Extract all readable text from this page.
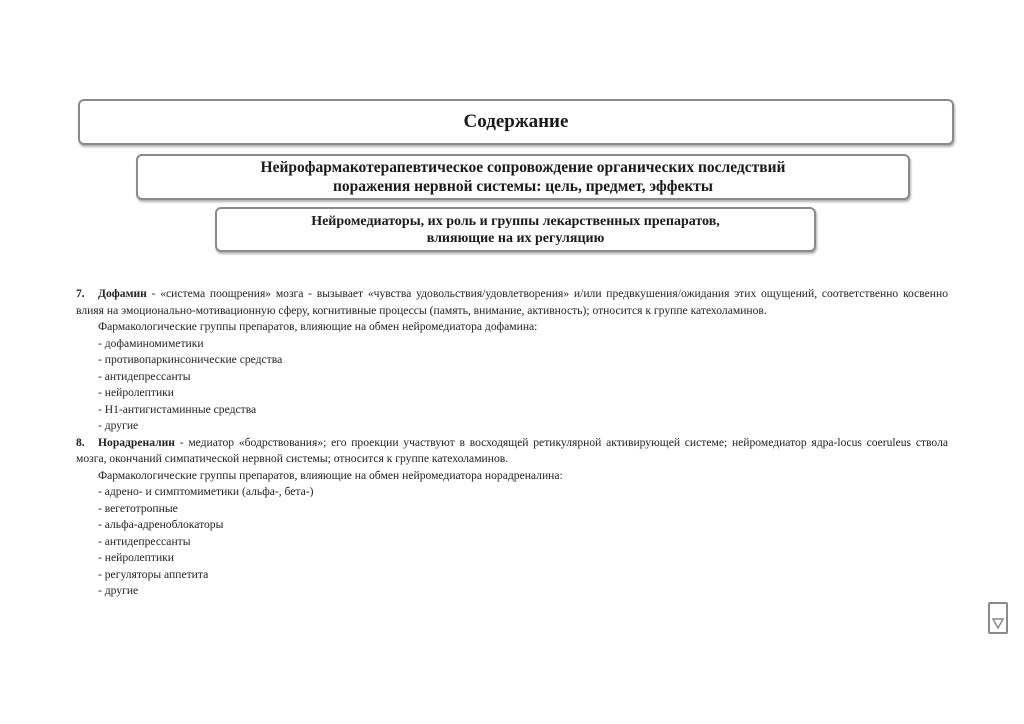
Содержание
Нейрофармакотерапевтическое сопровождение органических последствий
поражения нервной системы: цель, предмет, эффекты
Нейромедиаторы, их роль и группы лекарственных препаратов,
влияющие на их регуляцию

7. Дофамин - «система поощрения» мозга - вызывает «чувства удовольствия/удовлетворения» и/или предвкушения/ожидания этих ощущений, соответственно косвенно влияя на эмоционально-мотивационную сферу, когнитивные процессы (память, внимание, активность); относится к группе катехоламинов.

Фармакологические группы препаратов, влияющие на обмен нейромедиатора дофамина:

- дофаминомиметики

- противопаркинсонические средства

- антидепрессанты

- нейролептики

- Н1-антигистаминные средства

- другие

8. Норадреналин - медиатор «бодрствования»; его проекции участвуют в восходящей ретикулярной активирующей системе; нейромедиатор ядра-locus coeruleus ствола мозга, окончаний симпатической нервной системы; относится к группе катехоламинов.

Фармакологические группы препаратов, влияющие на обмен нейромедиатора норадреналина:

- адрено- и симптомиметики (альфа-, бета-)

- вегетотропные

- альфа-адреноблокаторы

- антидепрессанты

- нейролептики

- регуляторы аппетита

- другие
